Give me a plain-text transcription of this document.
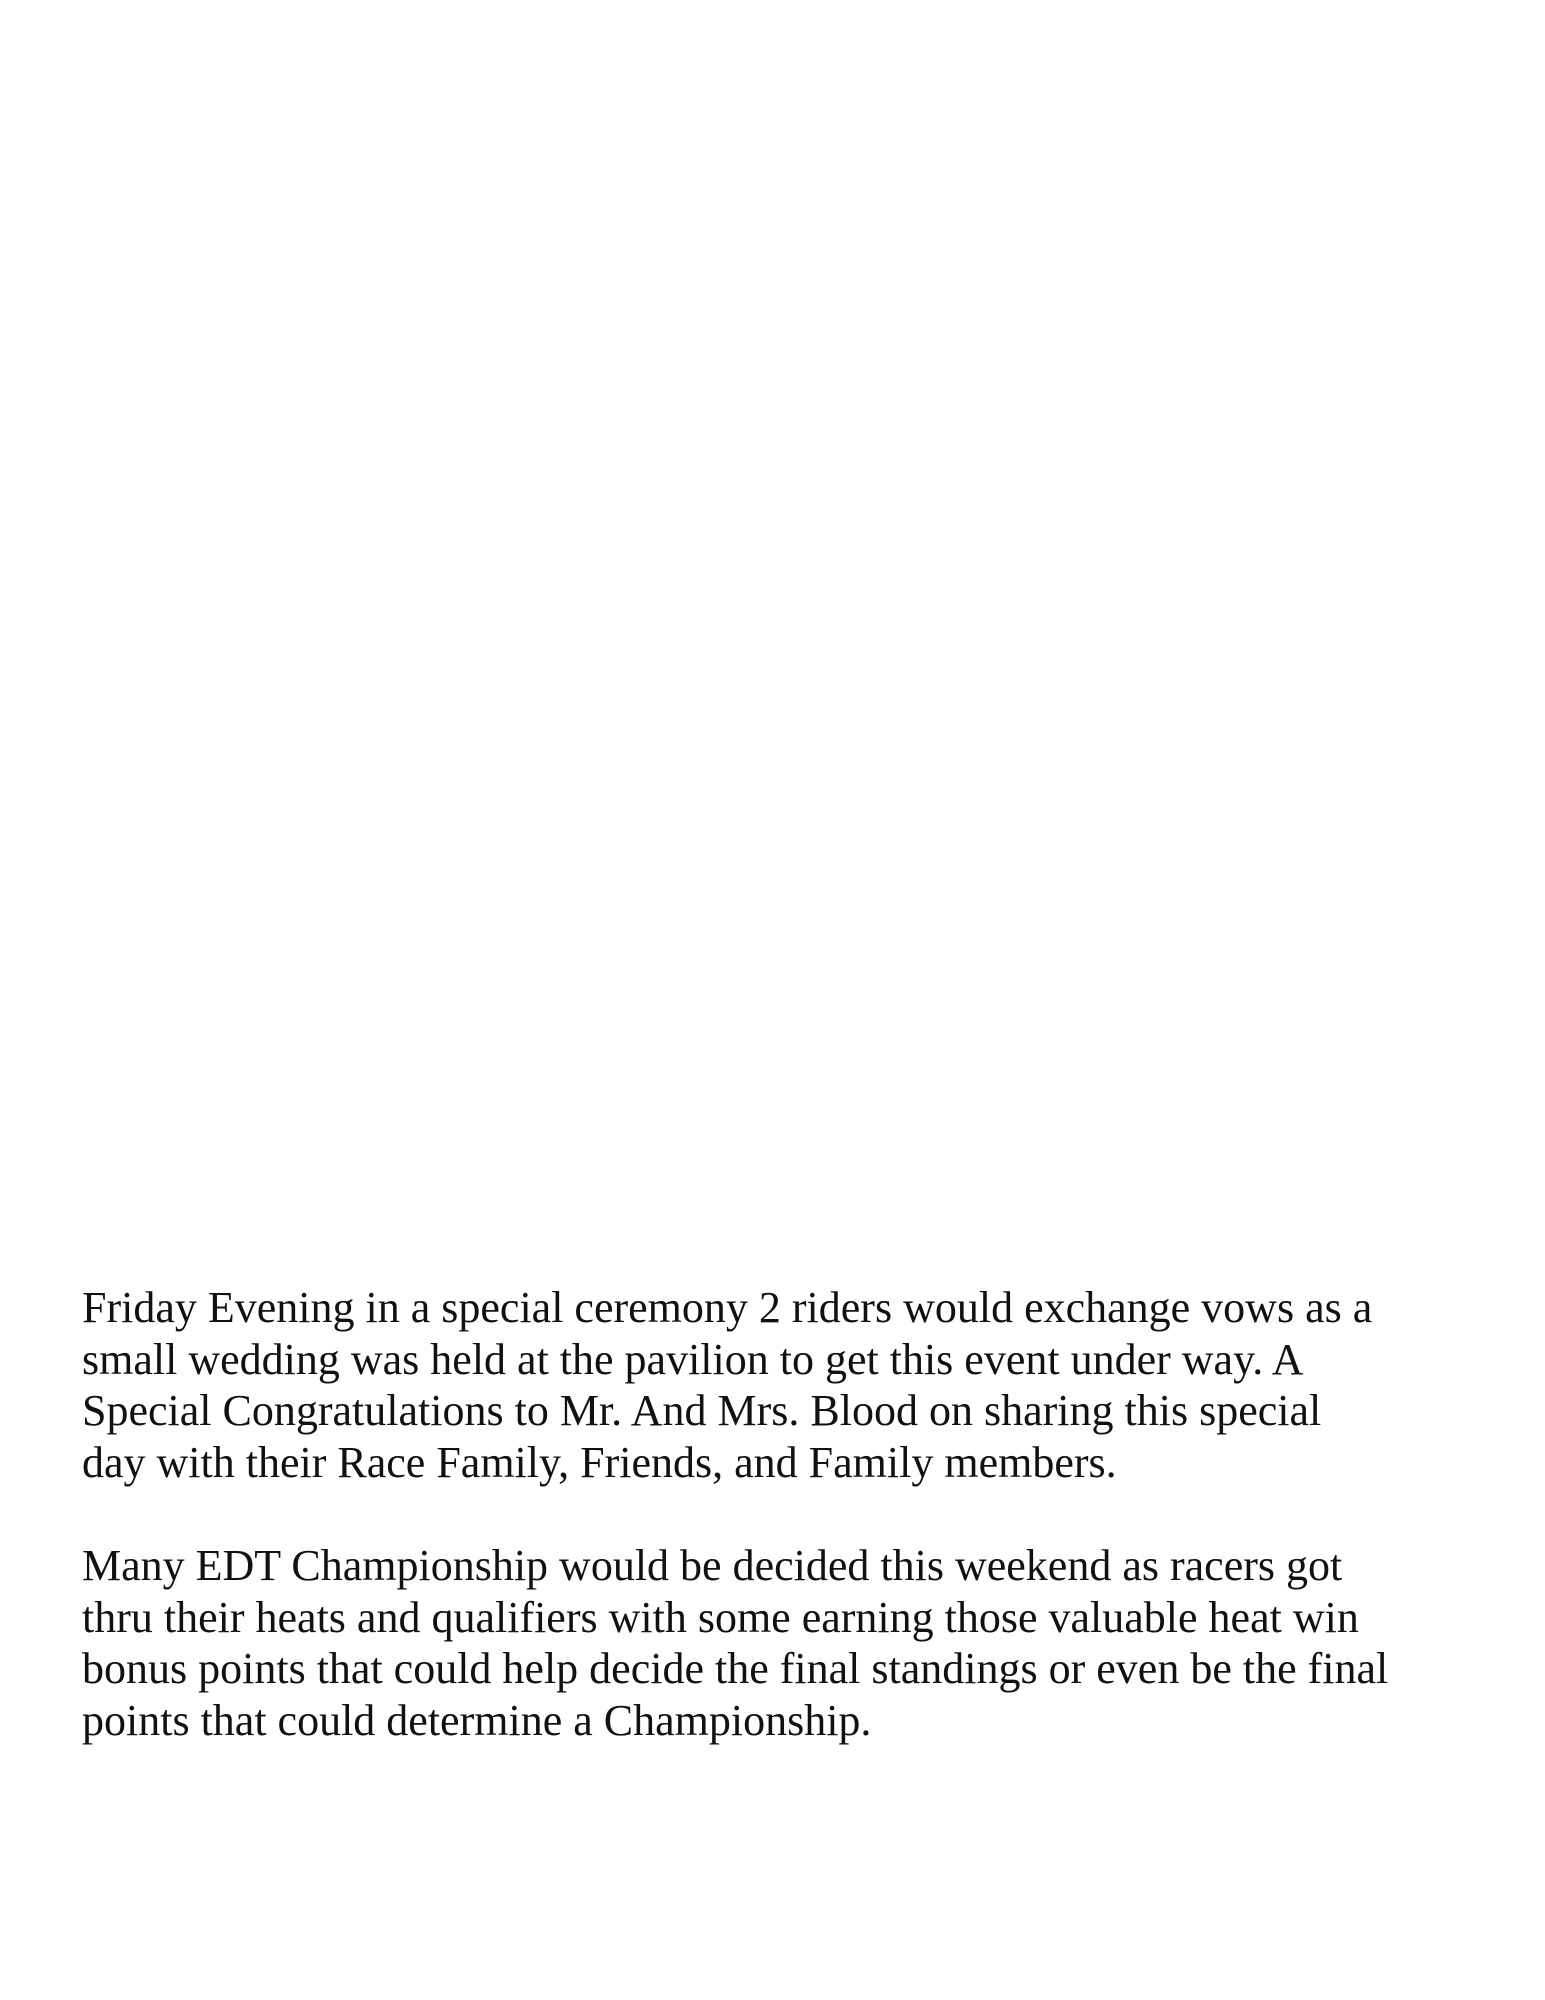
Friday Evening in a special ceremony 2 riders would exchange vows as a
small wedding was held at the pavilion to get this event under way. A
Special Congratulations to Mr. And Mrs. Blood on sharing this special
day with their Race Family, Friends, and Family members.

Many EDT Championship would be decided this weekend as racers got
thru their heats and qualifiers with some earning those valuable heat win
bonus points that could help decide the final standings or even be the final
points that could determine a Championship.
